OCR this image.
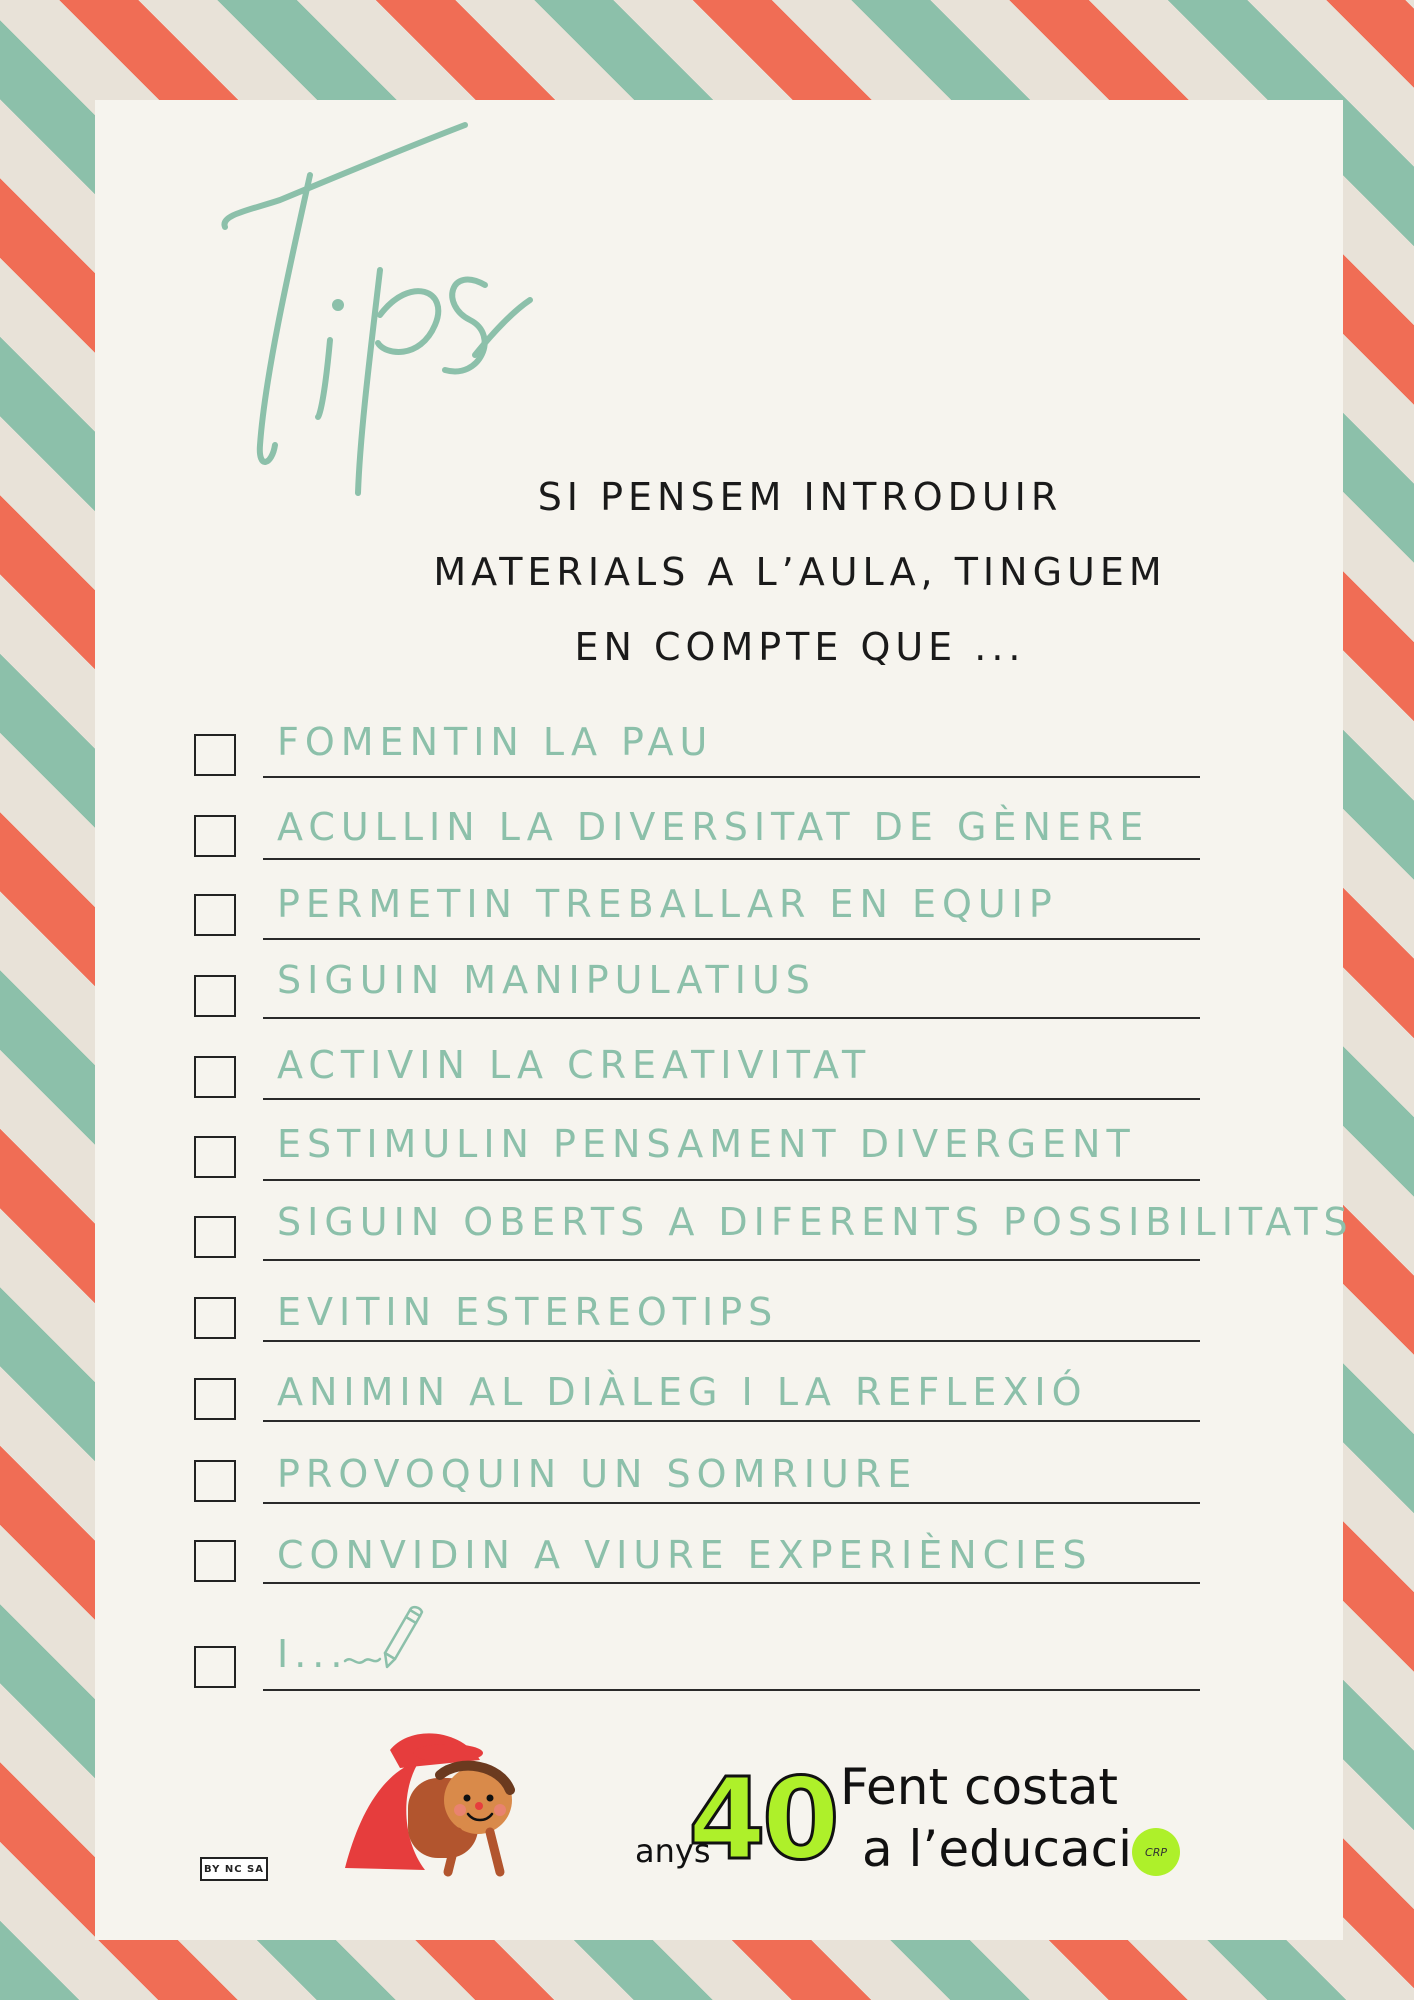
SI PENSEM INTRODUIR
MATERIALS A L’AULA, TINGUEM
EN COMPTE QUE ...
FOMENTIN LA PAU
ACULLIN LA DIVERSITAT DE GÈNERE
PERMETIN TREBALLAR EN EQUIP
SIGUIN MANIPULATIUS
ACTIVIN LA CREATIVITAT
ESTIMULIN PENSAMENT DIVERGENT
SIGUIN OBERTS A DIFERENTS POSSIBILITATS
EVITIN ESTEREOTIPS
ANIMIN AL DIÀLEG I LA REFLEXIÓ
PROVOQUIN UN SOMRIURE
CONVIDIN A VIURE EXPERIÈNCIES
I...
BY NC SA	anys
40 Fent costat
a l’educaci	CRP
